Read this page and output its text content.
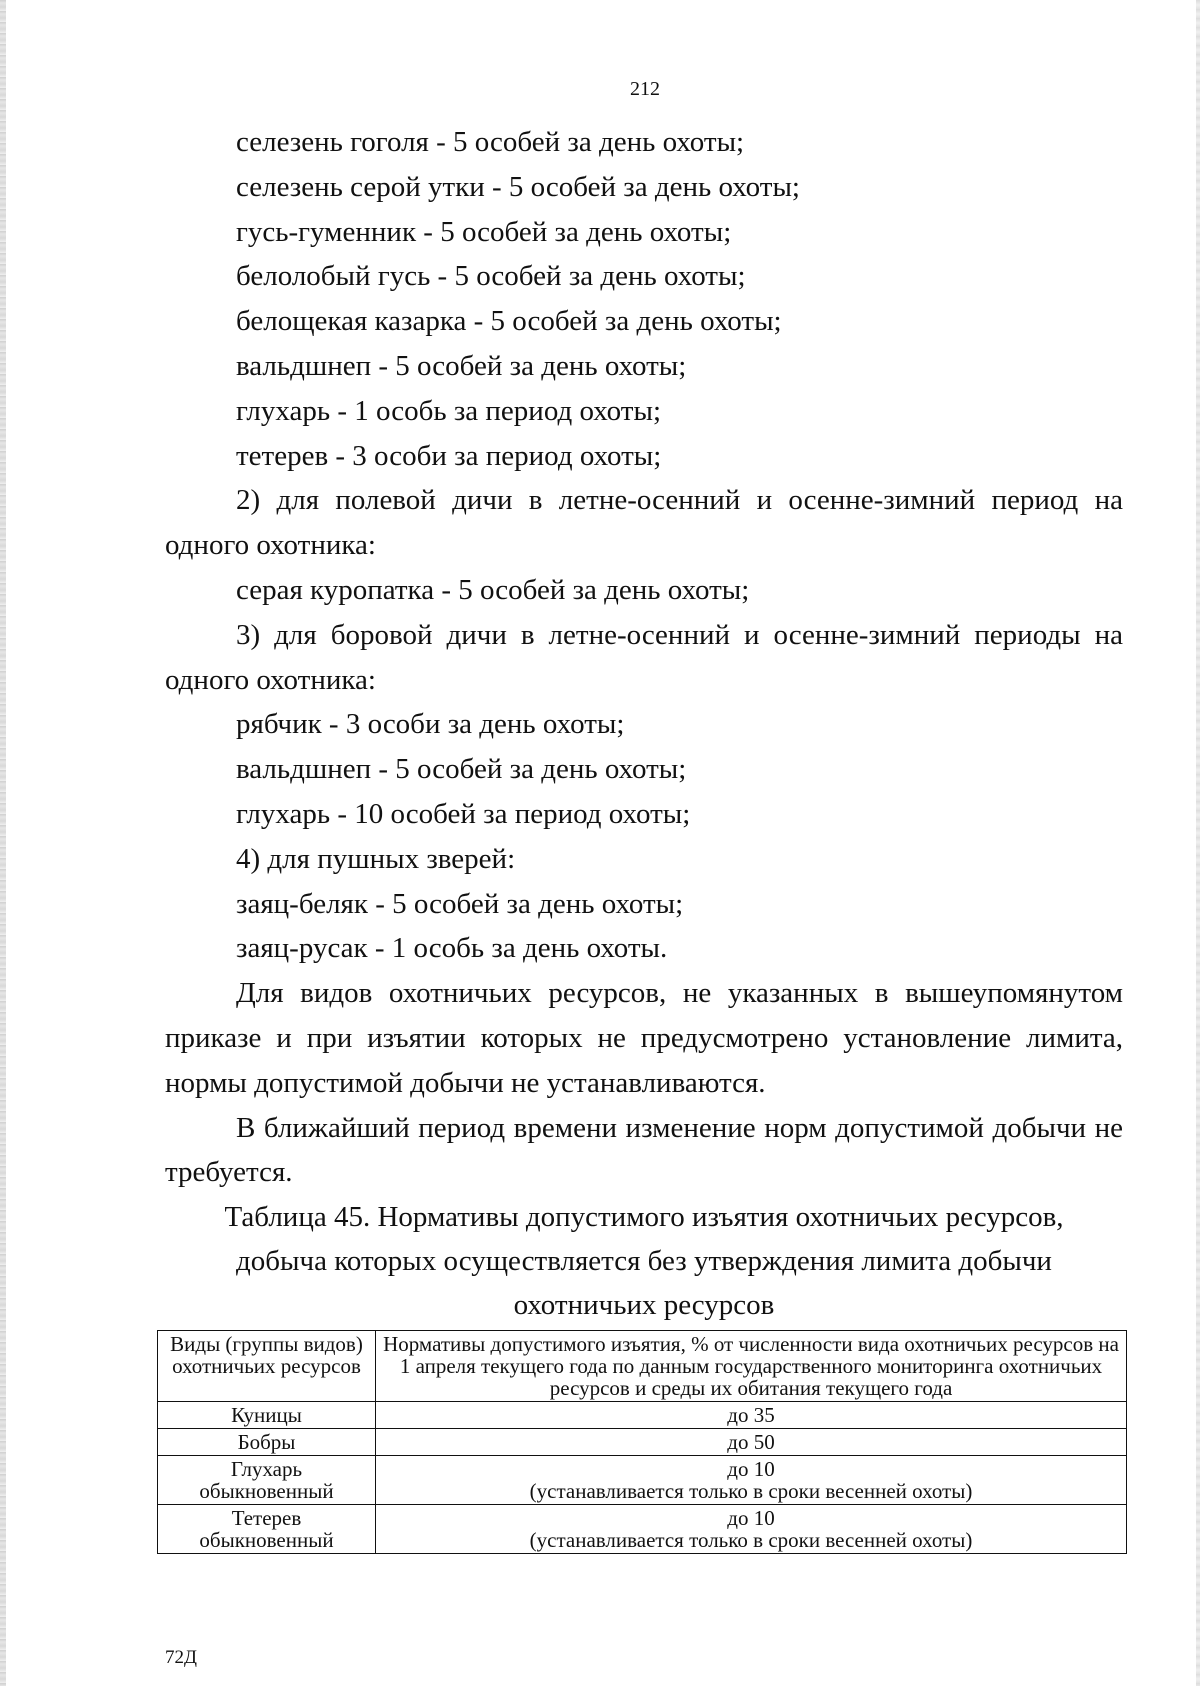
212

селезень гоголя - 5 особей за день охоты;

селезень серой утки - 5 особей за день охоты;

гусь-гуменник - 5 особей за день охоты;

белолобый гусь - 5 особей за день охоты;

белощекая казарка - 5 особей за день охоты;

вальдшнеп - 5 особей за день охоты;

глухарь - 1 особь за период охоты;

тетерев - 3 особи за период охоты;

2) для полевой дичи в летне-осенний и осенне-зимний период на одного охотника:

серая куропатка - 5 особей за день охоты;

3) для боровой дичи в летне-осенний и осенне-зимний периоды на одного охотника:

рябчик - 3 особи за день охоты;

вальдшнеп - 5 особей за день охоты;

глухарь - 10 особей за период охоты;

4) для пушных зверей:

заяц-беляк - 5 особей за день охоты;

заяц-русак - 1 особь за день охоты.

Для видов охотничьих ресурсов, не указанных в вышеупомянутом приказе и при изъятии которых не предусмотрено установление лимита, нормы допустимой добычи не устанавливаются.

В ближайший период времени изменение норм допустимой добычи не требуется.

Таблица 45. Нормативы допустимого изъятия охотничьих ресурсов,

добыча которых осуществляется без утверждения лимита добычи

охотничьих ресурсов

Виды (группы видов) охотничьих ресурсов	Нормативы допустимого изъятия, % от численности вида охотничьих ресурсов на 1 апреля текущего года по данным государственного мониторинга охотничьих ресурсов и среды их обитания текущего года
Куницы	до 35

Бобры	до 50

Глухарь обыкновенный	до 10
(устанавливается только в сроки весенней охоты)

Тетерев обыкновенный	до 10
(устанавливается только в сроки весенней охоты)
72Д
